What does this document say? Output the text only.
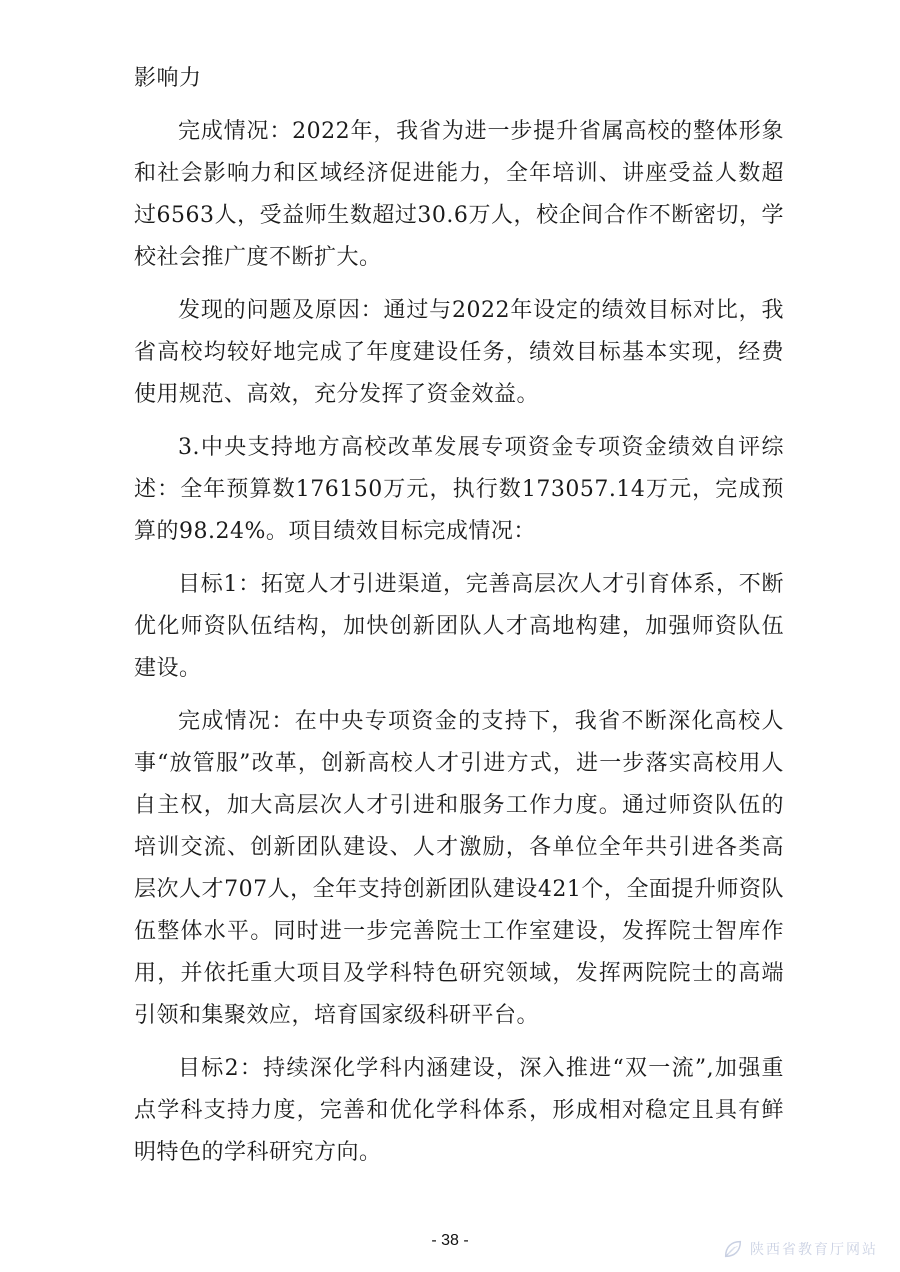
影响力

完成情况：2022年，我省为进一步提升省属高校的整体形象和社会影响力和区域经济促进能力，全年培训、讲座受益人数超过6563人，受益师生数超过30.6万人，校企间合作不断密切，学校社会推广度不断扩大。

发现的问题及原因：通过与2022年设定的绩效目标对比，我省高校均较好地完成了年度建设任务，绩效目标基本实现，经费使用规范、高效，充分发挥了资金效益。

3.中央支持地方高校改革发展专项资金专项资金绩效自评综述：全年预算数176150万元，执行数173057.14万元，完成预算的98.24%。项目绩效目标完成情况：

目标1：拓宽人才引进渠道，完善高层次人才引育体系，不断优化师资队伍结构，加快创新团队人才高地构建，加强师资队伍建设。

完成情况：在中央专项资金的支持下，我省不断深化高校人事“放管服”改革，创新高校人才引进方式，进一步落实高校用人自主权，加大高层次人才引进和服务工作力度。通过师资队伍的培训交流、创新团队建设、人才激励，各单位全年共引进各类高层次人才707人，全年支持创新团队建设421个，全面提升师资队伍整体水平。同时进一步完善院士工作室建设，发挥院士智库作用，并依托重大项目及学科特色研究领域，发挥两院院士的高端引领和集聚效应，培育国家级科研平台。

目标2：持续深化学科内涵建设，深入推进“双一流”,加强重点学科支持力度，完善和优化学科体系，形成相对稳定且具有鲜明特色的学科研究方向。

- 38 -
陕西省教育厅网站
